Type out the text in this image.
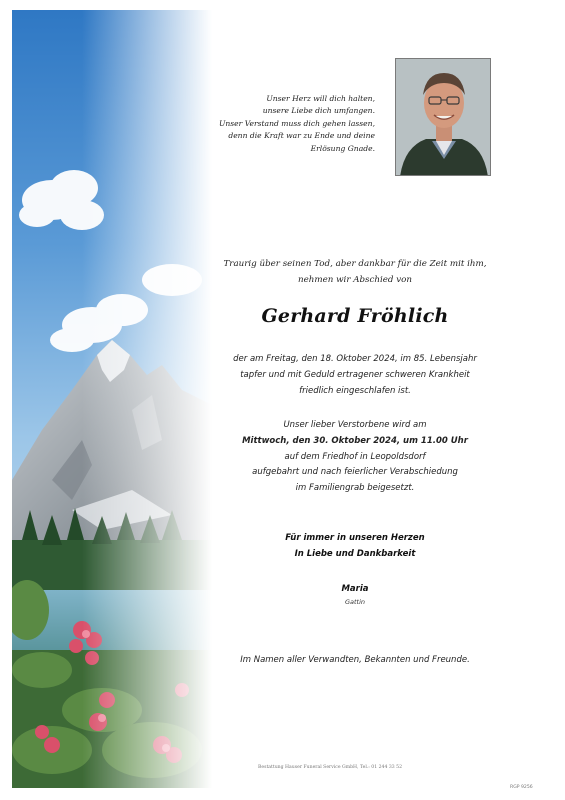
Unser Herz will dich halten,
unsere Liebe dich umfangen.
Unser Verstand muss dich gehen lassen,
denn die Kraft war zu Ende und deine
Erlösung Gnade.
Traurig über seinen Tod, aber dankbar für die Zeit mit ihm,
nehmen wir Abschied von
Gerhard Fröhlich
der am Freitag, den 18. Oktober 2024, im 85. Lebensjahr
tapfer und mit Geduld ertragener schweren Krankheit
friedlich eingeschlafen ist.
Unser lieber Verstorbene wird am
Mittwoch, den 30. Oktober 2024, um 11.00 Uhr
auf dem Friedhof in Leopoldsdorf
aufgebahrt und nach feierlicher Verabschiedung
im Familiengrab beigesetzt.
Für immer in unseren Herzen
In Liebe und Dankbarkeit
Maria
Gattin
Im Namen aller Verwandten, Bekannten und Freunde.
Bestattung Hauser Funeral Service GmbH, Tel.: 01 244 33 52
RGP 9256
